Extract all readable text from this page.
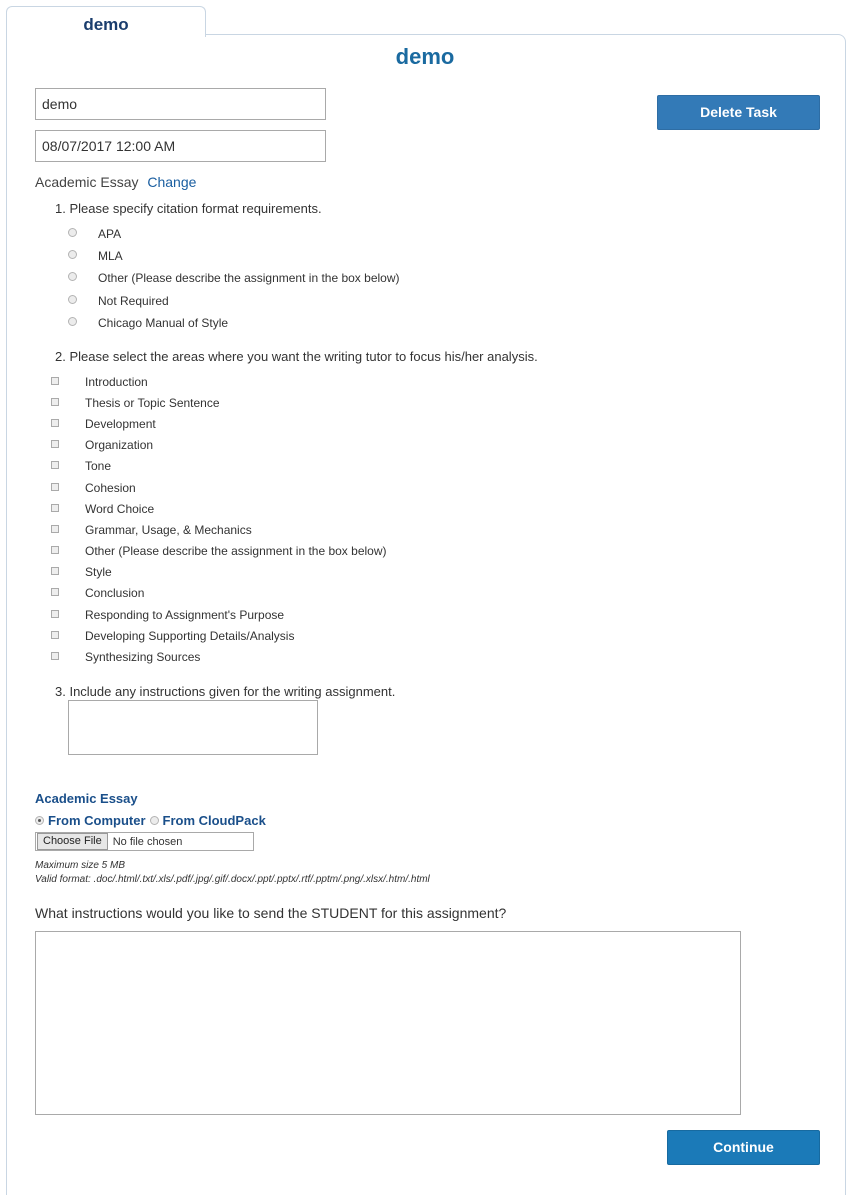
demo
demo
demo
08/07/2017 12:00 AM
Delete Task
Academic Essay Change
1. Please specify citation format requirements.
APA
MLA
Other (Please describe the assignment in the box below)
Not Required
Chicago Manual of Style
2. Please select the areas where you want the writing tutor to focus his/her analysis.
Introduction
Thesis or Topic Sentence
Development
Organization
Tone
Cohesion
Word Choice
Grammar, Usage, & Mechanics
Other (Please describe the assignment in the box below)
Style
Conclusion
Responding to Assignment's Purpose
Developing Supporting Details/Analysis
Synthesizing Sources
3. Include any instructions given for the writing assignment.
Academic Essay
From Computer From CloudPack
Choose File	No file chosen
Maximum size 5 MB
Valid format: .doc/.html/.txt/.xls/.pdf/.jpg/.gif/.docx/.ppt/.pptx/.rtf/.pptm/.png/.xlsx/.htm/.html
What instructions would you like to send the STUDENT for this assignment?
Continue
